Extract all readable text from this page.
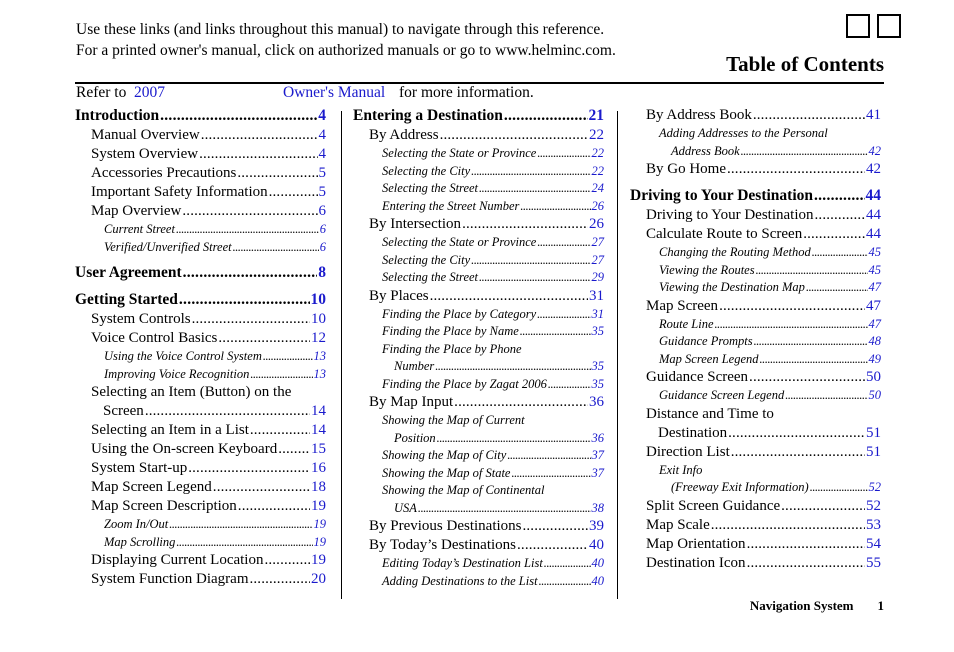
Use these links (and links throughout this manual) to navigate through this reference.
For a printed owner's manual, click on authorized manuals or go to www.helminc.com.
Table of Contents
Refer to 2007	Owner's Manual for more information.
Introduction . . .	4
Manual Overview . . .	4
System Overview . . .	4
Accessories Precautions . . .	5
Important Safety Information . . .	5
Map Overview . . .	6
Current Street . . .	6
Verified/Unverified Street . . .	6
User Agreement . . .	8
Getting Started . . .	10
System Controls . . .	10
Voice Control Basics . . .	12
Using the Voice Control System . . .	13
Improving Voice Recognition . . .	13
Selecting an Item (Button) on the
Screen . . .	14
Selecting an Item in a List . . .	14
Using the On-screen Keyboard . . . 15
System Start-up . . .	16
Map Screen Legend . . .	18
Map Screen Description . . .	19
Zoom In/Out . . .	19
Map Scrolling . . .	19
Displaying Current Location . . .	19
System Function Diagram . . .	20
Entering a Destination . . .	21
By Address . . .	22
Selecting the State or Province . . .	22
Selecting the City . . .	22
Selecting the Street . . .	24
Entering the Street Number . . .	26
By Intersection . . .	26
Selecting the State or Province . . .	27
Selecting the City . . .	27
Selecting the Street . . .	29
By Places . . .	31
Finding the Place by Category . . .	31
Finding the Place by Name . . .	35
Finding the Place by Phone
Number . . .	35
Finding the Place by Zagat 2006 . . .	35
By Map Input . . .	36
Showing the Map of Current
Position . . .	36
Showing the Map of City . . .	37
Showing the Map of State . . .	37
Showing the Map of Continental
USA . . .	38
By Previous Destinations . . .	39
By Today’s Destinations . . .	40
Editing Today’s Destination List . . .	40
Adding Destinations to the List . . .	40
By Address Book . . .	41
Adding Addresses to the Personal
Address Book . . .	42
By Go Home . . .	42
Driving to Your Destination . . .	44
Driving to Your Destination . . .	44
Calculate Route to Screen . . .	44
Changing the Routing Method . . .	45
Viewing the Routes . . .	45
Viewing the Destination Map . . .	47
Map Screen . . .	47
Route Line . . .	47
Guidance Prompts . . .	48
Map Screen Legend . . .	49
Guidance Screen . . .	50
Guidance Screen Legend . . .	50
Distance and Time to
Destination . . .	51
Direction List . . .	51
Exit Info
(Freeway Exit Information) . . .	52
Split Screen Guidance . . .	52
Map Scale . . .	53
Map Orientation . . .	54
Destination Icon . . .	55
Navigation System 1
